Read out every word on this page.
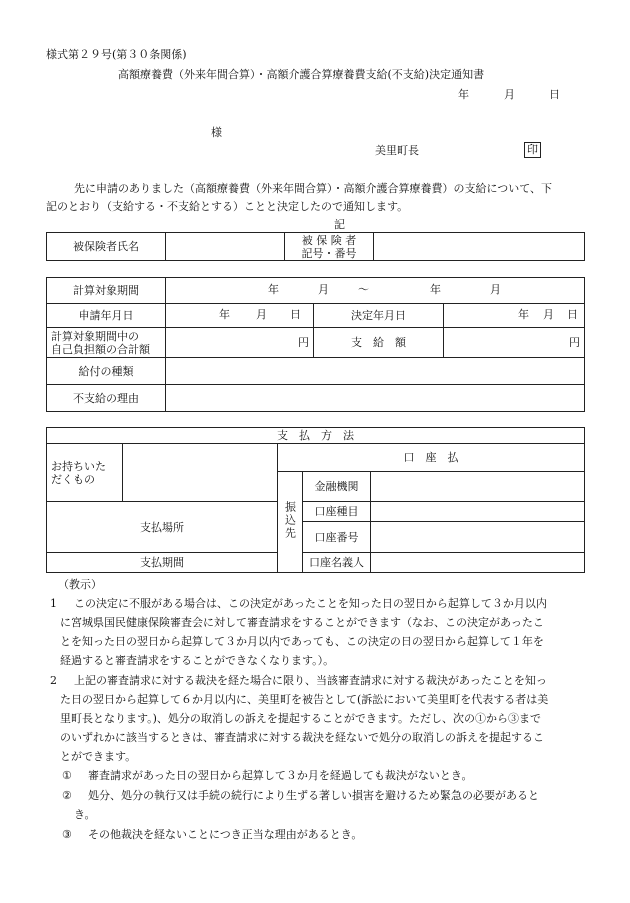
様式第２９号(第３０条関係)
高額療養費（外来年間合算）・高額介護合算療養費支給(不支給)決定通知書
年	月	日
様
美里町長	印
先に申請のありました（高額療養費（外来年間合算）・高額介護合算療養費）の支給について、下
記のとおり（支給する・不支給とする）ことと決定したので通知します。
記
被保険者氏名		被 保 険 者
記号・番号

計算対象期間	年 月 ～ 年 月		

申請年月日	年 月 日	決定年月日	年 月 日

計算対象期間中の
自己負担額の合計額	円	支　給　額	円
給付の種類			
不支給の理由			
支　払　方　法				

お持ちいた
だくもの		口　座　払		
		振込先	金融機関	
支払場所			口座種目	
			口座番号	
支払期間			口座名義人	
（教示）
1 この決定に不服がある場合は、この決定があったことを知った日の翌日から起算して３か月以内
に宮城県国民健康保険審査会に対して審査請求をすることができます（なお、この決定があったこ
とを知った日の翌日から起算して３か月以内であっても、この決定の日の翌日から起算して１年を
経過すると審査請求をすることができなくなります。）。
2 上記の審査請求に対する裁決を経た場合に限り、当該審査請求に対する裁決があったことを知っ
た日の翌日から起算して６か月以内に、美里町を被告として(訴訟において美里町を代表する者は美
里町長となります。)、処分の取消しの訴えを提起することができます。ただし、次の①から③まで
のいずれかに該当するときは、審査請求に対する裁決を経ないで処分の取消しの訴えを提起するこ
とができます。
① 審査請求があった日の翌日から起算して３か月を経過しても裁決がないとき。
② 処分、処分の執行又は手続の続行により生ずる著しい損害を避けるため緊急の必要があると
き。
③ その他裁決を経ないことにつき正当な理由があるとき。
